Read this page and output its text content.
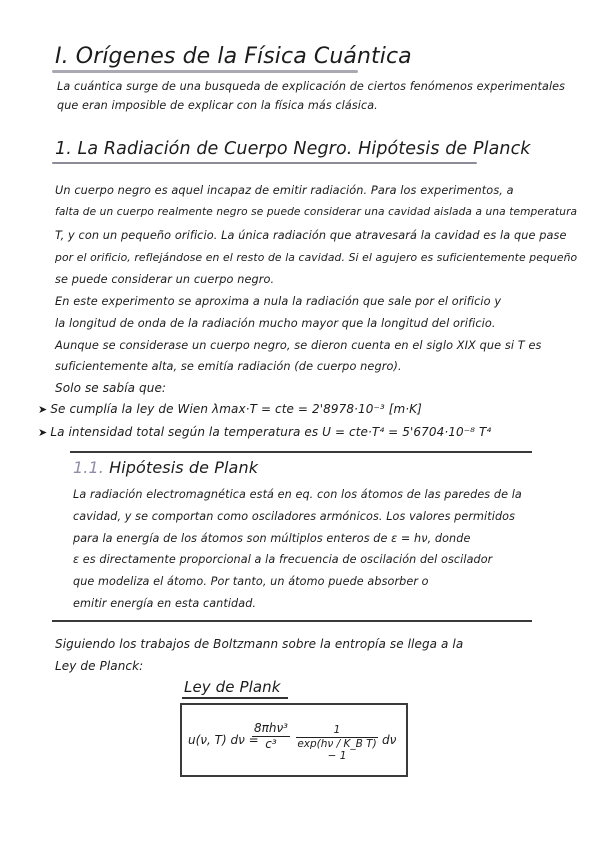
I. Orígenes de la Física Cuántica
La cuántica surge de una busqueda de explicación de ciertos fenómenos experimentales
que eran imposible de explicar con la física más clásica.
1. La Radiación de Cuerpo Negro. Hipótesis de Planck
Un cuerpo negro es aquel incapaz de emitir radiación. Para los experimentos, a
falta de un cuerpo realmente negro se puede considerar una cavidad aislada a una temperatura
T, y con un pequeño orificio. La única radiación que atravesará la cavidad es la que pase
por el orificio, reflejándose en el resto de la cavidad. Si el agujero es suficientemente pequeño
se puede considerar un cuerpo negro.
En este experimento se aproxima a nula la radiación que sale por el orificio y
la longitud de onda de la radiación mucho mayor que la longitud del orificio.
Aunque se considerase un cuerpo negro, se dieron cuenta en el siglo XIX que si T es
suficientemente alta, se emitía radiación (de cuerpo negro).
Solo se sabía que:
➤ Se cumplía la ley de Wien λmax·T = cte = 2'8978·10⁻³ [m·K]
➤ La intensidad total según la temperatura es U = cte·T⁴ = 5'6704·10⁻⁸ T⁴
1.1. Hipótesis de Plank
La radiación electromagnética está en eq. con los átomos de las paredes de la
cavidad, y se comportan como osciladores armónicos. Los valores permitidos
para la energía de los átomos son múltiplos enteros de ε = hν, donde
ε es directamente proporcional a la frecuencia de oscilación del oscilador
que modeliza el átomo. Por tanto, un átomo puede absorber o
emitir energía en esta cantidad.
Siguiendo los trabajos de Boltzmann sobre la entropía se llega a la
Ley de Planck:
Ley de Plank
u(ν, T) dν =
8πhν³
c³	$\frac{1}{\text{exp(hν / K\_B T) − 1}}$ dν
